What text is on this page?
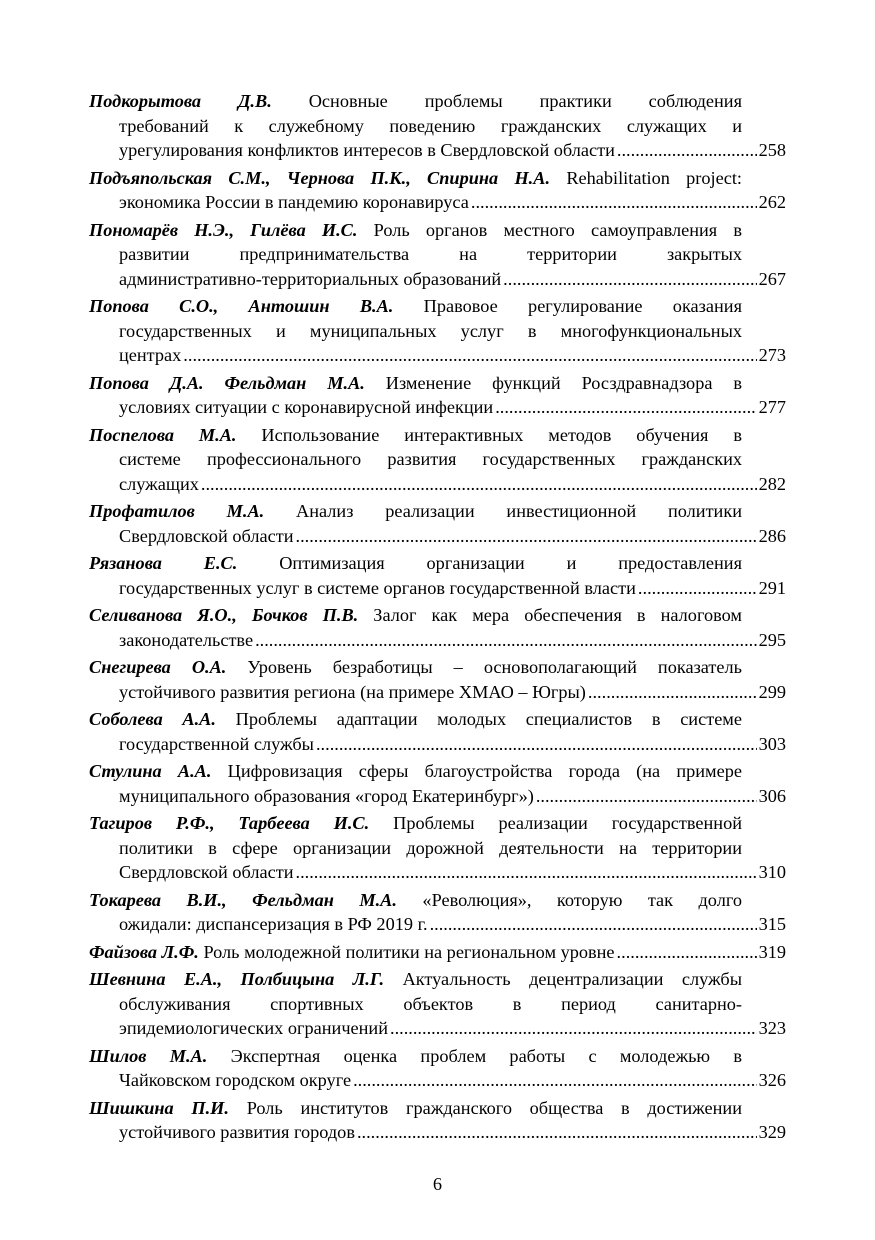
Подкорытова Д.В. Основные проблемы практики соблюдения
требований к служебному поведению гражданских служащих и
урегулирования конфликтов интересов в Свердловской области .....	258
Подъяпольская С.М., Чернова П.К., Спирина Н.А. Rehabilitation project:
экономика России в пандемию коронавируса .....	262
Пономарёв Н.Э., Гилёва И.С. Роль органов местного самоуправления в
развитии предпринимательства на территории закрытых
административно-территориальных образований .....	267
Попова С.О., Антошин В.А. Правовое регулирование оказания
государственных и муниципальных услуг в многофункциональных
центрах .....	273
Попова Д.А. Фельдман М.А. Изменение функций Росздравнадзора в
условиях ситуации с коронавирусной инфекции .....	277
Поспелова М.А. Использование интерактивных методов обучения в
системе профессионального развития государственных гражданских
служащих .....	282
Профатилов М.А. Анализ реализации инвестиционной политики
Свердловской области .....	286
Рязанова Е.С. Оптимизация организации и предоставления
государственных услуг в системе органов государственной власти .....	291
Селиванова Я.О., Бочков П.В. Залог как мера обеспечения в налоговом
законодательстве .....	295
Снегирева О.А. Уровень безработицы – основополагающий показатель
устойчивого развития региона (на примере ХМАО – Югры) .....	299
Соболева А.А. Проблемы адаптации молодых специалистов в системе
государственной службы .....	303
Стулина А.А. Цифровизация сферы благоустройства города (на примере
муниципального образования «город Екатеринбург») .....	306
Тагиров Р.Ф., Тарбеева И.С. Проблемы реализации государственной
политики в сфере организации дорожной деятельности на территории
Свердловской области .....	310
Токарева В.И., Фельдман М.А. «Революция», которую так долго
ожидали: диспансеризация в РФ 2019 г. .....	315
Файзова Л.Ф. Роль молодежной политики на региональном уровне .....	319
Шевнина Е.А., Полбицына Л.Г. Актуальность децентрализации службы
обслуживания спортивных объектов в период санитарно-
эпидемиологических ограничений .....	323
Шилов М.А. Экспертная оценка проблем работы с молодежью в
Чайковском городском округе .....	326
Шишкина П.И. Роль институтов гражданского общества в достижении
устойчивого развития городов .....	329
6
